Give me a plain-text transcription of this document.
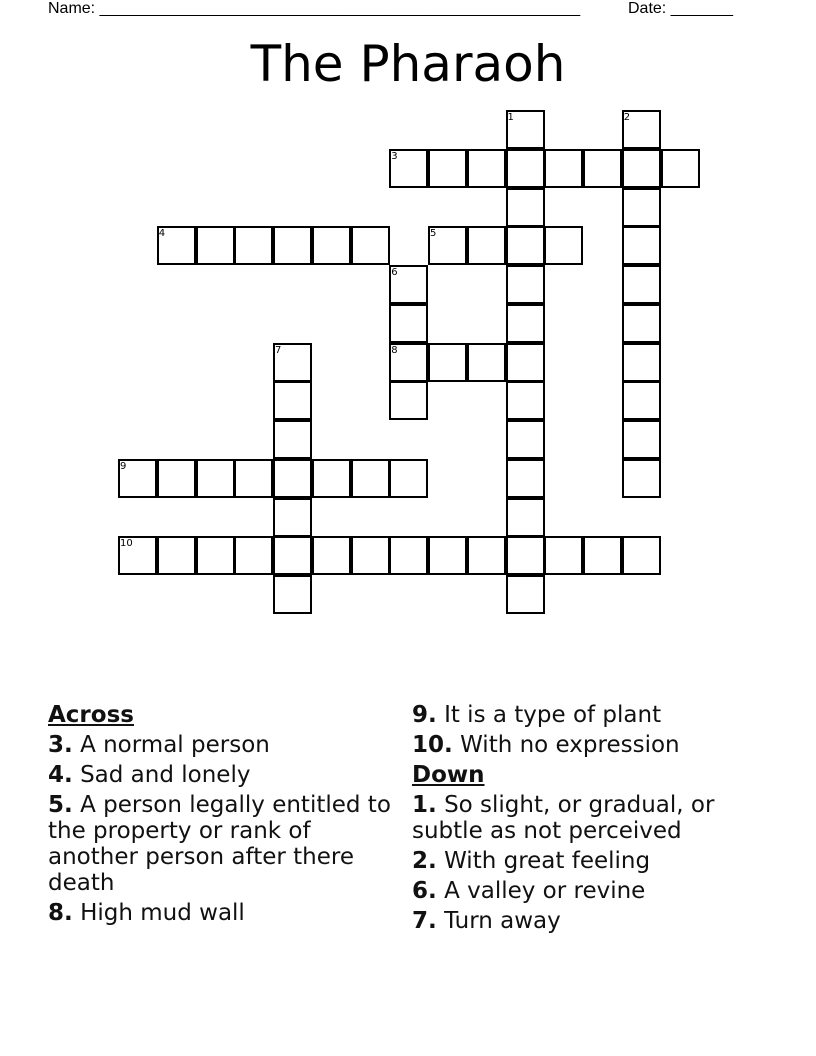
Name: ______________________________________________________	Date: _______
The Pharaoh
1	2
3
4	5
6
7	8
9
10
Across

3. A normal person

4. Sad and lonely

5. A person legally entitled to the property or rank of another person after there death

8. High mud wall

9. It is a type of plant

10. With no expression

Down

1. So slight, or gradual, or subtle as not perceived

2. With great feeling

6. A valley or revine

7. Turn away
